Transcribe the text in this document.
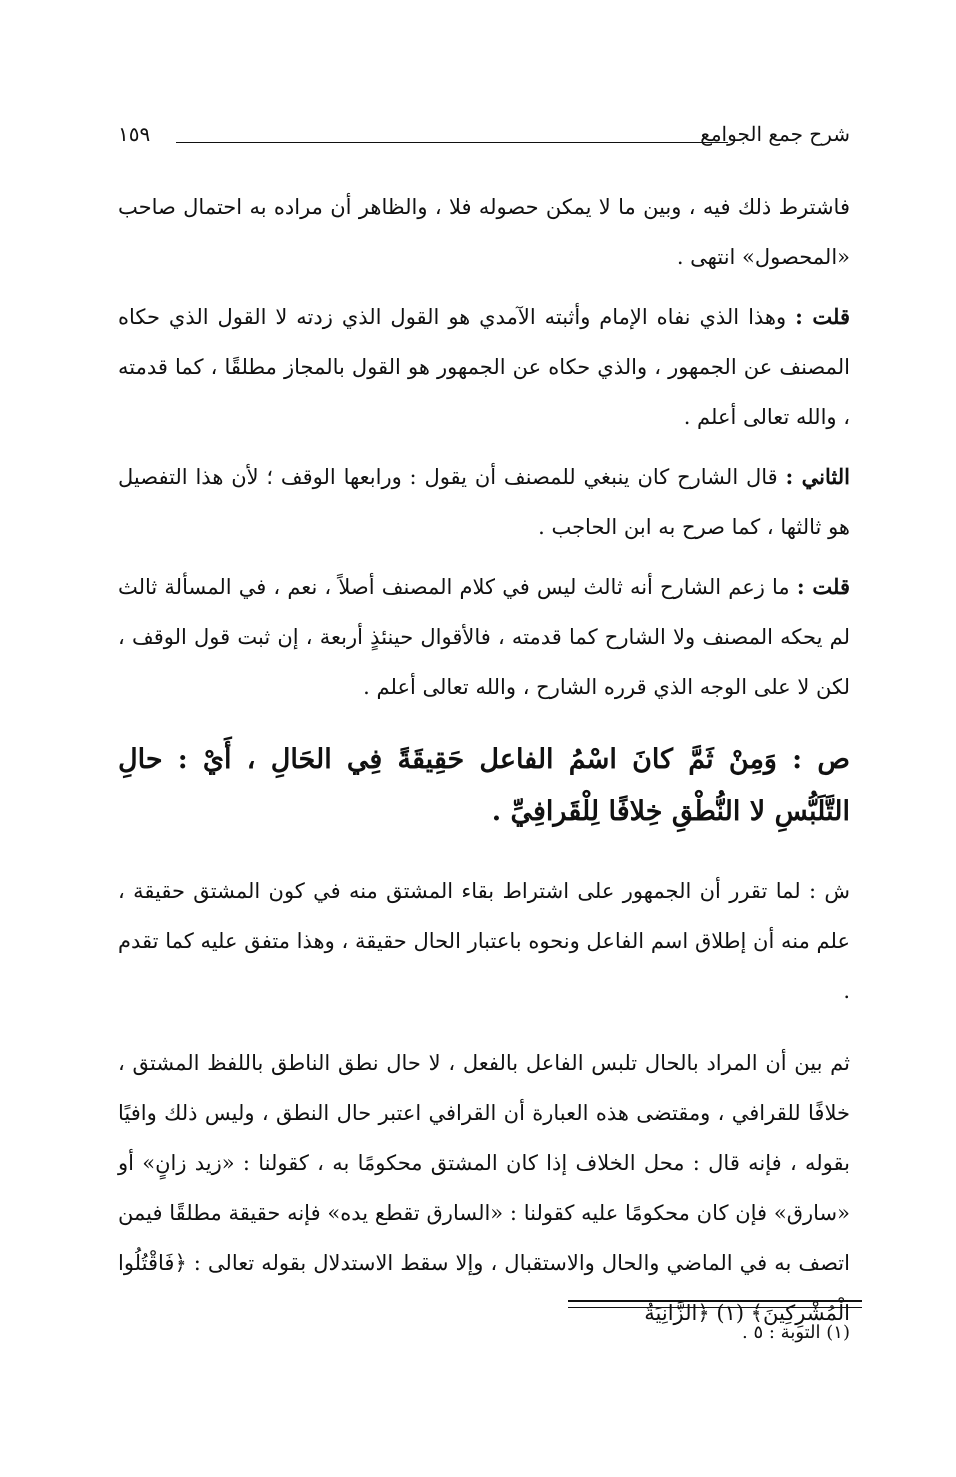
شرح جمع الجوامع
١٥٩

فاشترط ذلك فيه ، وبين ما لا يمكن حصوله فلا ، والظاهر أن مراده به احتمال صاحب «المحصول» انتهى .

قلت : وهذا الذي نفاه الإمام وأثبته الآمدي هو القول الذي زدته لا القول الذي حكاه المصنف عن الجمهور ، والذي حكاه عن الجمهور هو القول بالمجاز مطلقًا ، كما قدمته ، والله تعالى أعلم .

الثاني : قال الشارح كان ينبغي للمصنف أن يقول : ورابعها الوقف ؛ لأن هذا التفصيل هو ثالثها ، كما صرح به ابن الحاجب .

قلت : ما زعم الشارح أنه ثالث ليس في كلام المصنف أصلاً ، نعم ، في المسألة ثالث لم يحكه المصنف ولا الشارح كما قدمته ، فالأقوال حينئذٍ أربعة ، إن ثبت قول الوقف ، لكن لا على الوجه الذي قرره الشارح ، والله تعالى أعلم .

ص : وَمِنْ ثَمَّ كانَ اسْمُ الفاعل حَقِيقَةً فِي الحَالِ ، أَيْ : حالِ التَّلَبُّسِ لا النُّطْقِ خِلافًا لِلْقَرافِيِّ .

ش : لما تقرر أن الجمهور على اشتراط بقاء المشتق منه في كون المشتق حقيقة ، علم منه أن إطلاق اسم الفاعل ونحوه باعتبار الحال حقيقة ، وهذا متفق عليه كما تقدم .

ثم بين أن المراد بالحال تلبس الفاعل بالفعل ، لا حال نطق الناطق باللفظ المشتق ، خلافًا للقرافي ، ومقتضى هذه العبارة أن القرافي اعتبر حال النطق ، وليس ذلك وافيًا بقوله ، فإنه قال : محل الخلاف إذا كان المشتق محكومًا به ، كقولنا : «زيد زانٍ» أو «سارق» فإن كان محكومًا عليه كقولنا : «السارق تقطع يده» فإنه حقيقة مطلقًا فيمن اتصف به في الماضي والحال والاستقبال ، وإلا سقط الاستدلال بقوله تعالى : ﴿فَاقْتُلُوا الْمُشْرِكِينَ﴾ (١) ﴿الزَّانِيَةُ

(١) التوبة : ٥ .
